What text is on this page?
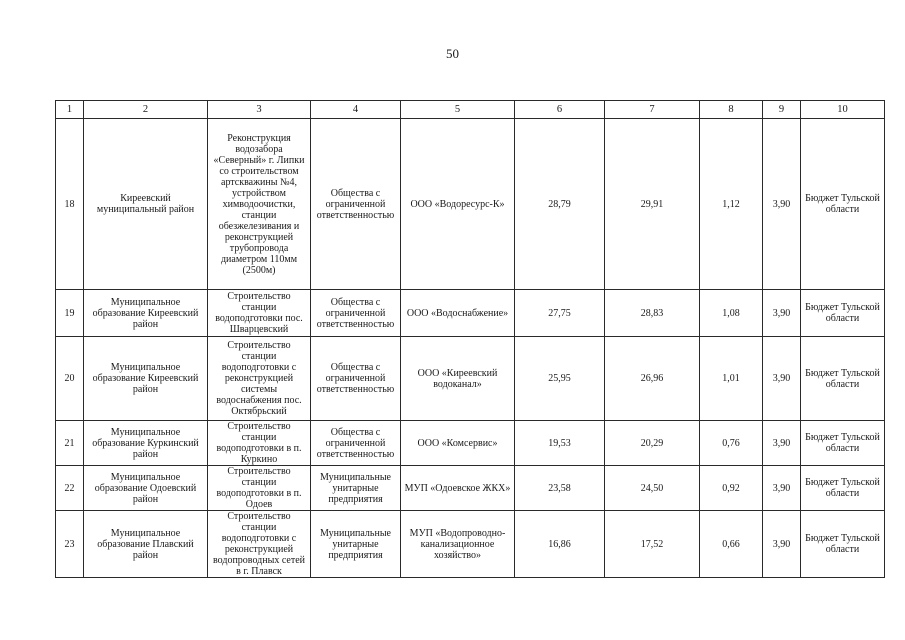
50
1	2	3	4	5	6	7	8	9	10
18	Киреевский муниципальный район	Реконструкция водозабора «Северный» г. Липки со строительством артскважины №4, устройством химводоочистки, станции обезжелезивания и реконструкцией трубопровода диаметром 110мм (2500м)	Общества с ограниченной ответственностью	ООО «Водоресурс-К»	28,79	29,91	1,12	3,90	Бюджет Тульской области
19	Муниципальное образование Киреевский район	Строительство станции водоподготовки пос. Шварцевский	Общества с ограниченной ответственностью	ООО «Водоснабжение»	27,75	28,83	1,08	3,90	Бюджет Тульской области
20	Муниципальное образование Киреевский район	Строительство станции водоподготовки с реконструкцией системы водоснабжения пос. Октябрьский	Общества с ограниченной ответственностью	ООО «Киреевский водоканал»	25,95	26,96	1,01	3,90	Бюджет Тульской области
21	Муниципальное образование Куркинский район	Строительство станции водоподготовки в п. Куркино	Общества с ограниченной ответственностью	ООО «Комсервис»	19,53	20,29	0,76	3,90	Бюджет Тульской области
22	Муниципальное образование Одоевский район	Строительство станции водоподготовки в п. Одоев	Муниципальные унитарные предприятия	МУП «Одоевское ЖКХ»	23,58	24,50	0,92	3,90	Бюджет Тульской области
23	Муниципальное образование Плавский район	Строительство станции водоподготовки с реконструкцией водопроводных сетей в г. Плавск	Муниципальные унитарные предприятия	МУП «Водопроводно-канализационное хозяйство»	16,86	17,52	0,66	3,90	Бюджет Тульской области
